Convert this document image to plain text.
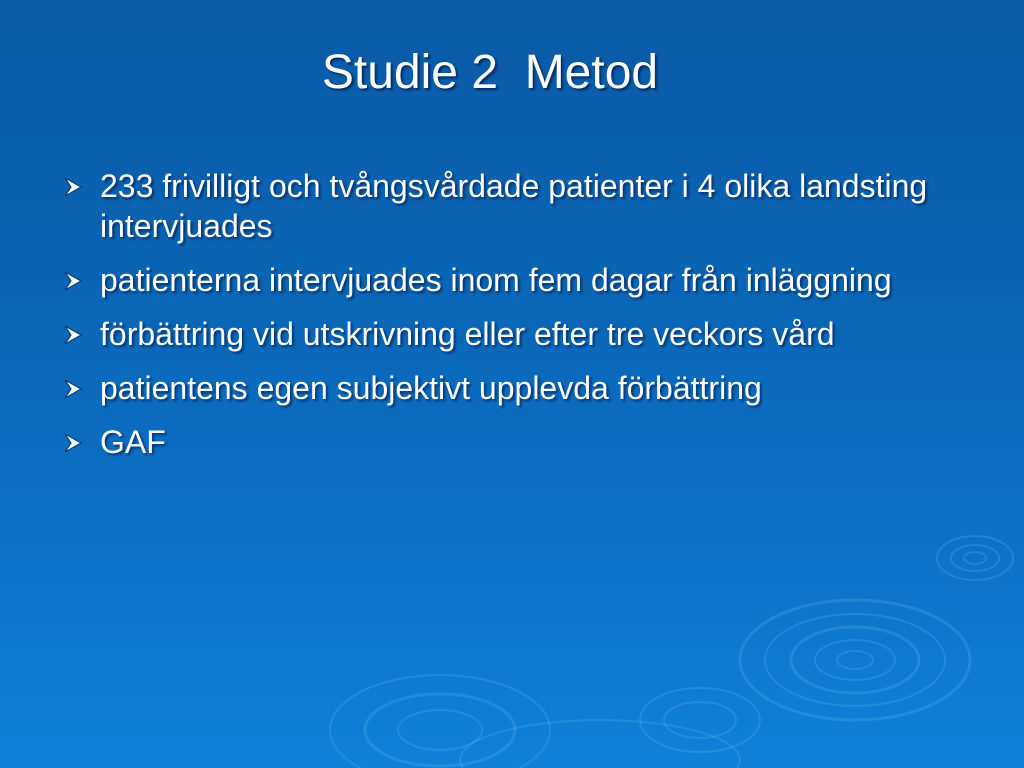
Studie 2  Metod
233 frivilligt och tvångsvårdade patienter i 4 olika landsting intervjuades
patienterna intervjuades inom fem dagar från inläggning
förbättring vid utskrivning eller efter tre veckors vård
patientens egen subjektivt upplevda förbättring
GAF
